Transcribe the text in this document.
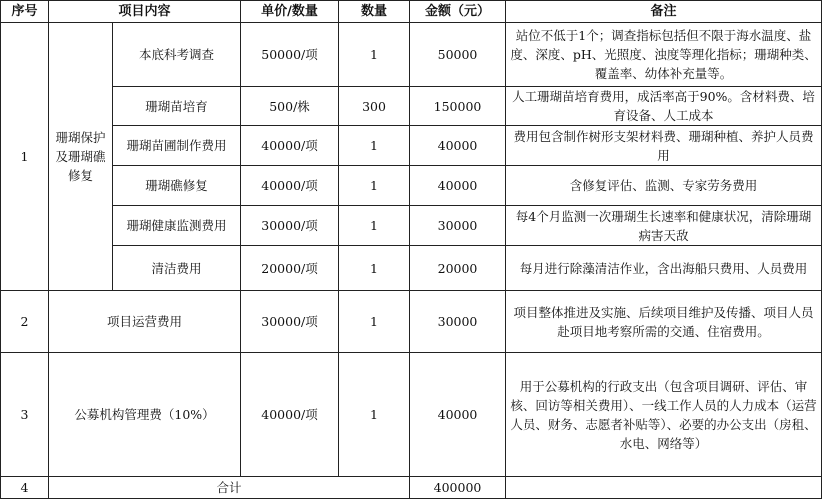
序号	项目内容		单价/数量	数量	金额（元）	备注
1	珊瑚保护及珊瑚礁修复	本底科考调查	50000/项	1	50000	站位不低于1个；调查指标包括但不限于海水温度、盐度、深度、pH、光照度、浊度等理化指标；珊瑚种类、覆盖率、幼体补充量等。
		珊瑚苗培育	500/株	300	150000	人工珊瑚苗培育费用，成活率高于90%。含材料费、培育设备、人工成本
		珊瑚苗圃制作费用	40000/项	1	40000	费用包含制作树形支架材料费、珊瑚种植、养护人员费用
		珊瑚礁修复	40000/项	1	40000	含修复评估、监测、专家劳务费用
		珊瑚健康监测费用	30000/项	1	30000	每4个月监测一次珊瑚生长速率和健康状况，清除珊瑚病害天敌
		清洁费用	20000/项	1	20000	每月进行除藻清洁作业，含出海船只费用、人员费用
2	项目运营费用		30000/项	1	30000	项目整体推进及实施、后续项目维护及传播、项目人员赴项目地考察所需的交通、住宿费用。
3	公募机构管理费（10%）		40000/项	1	40000	用于公募机构的行政支出（包含项目调研、评估、审核、回访等相关费用）、一线工作人员的人力成本（运营人员、财务、志愿者补贴等）、必要的办公支出（房租、水电、网络等）
4	合计				400000	
